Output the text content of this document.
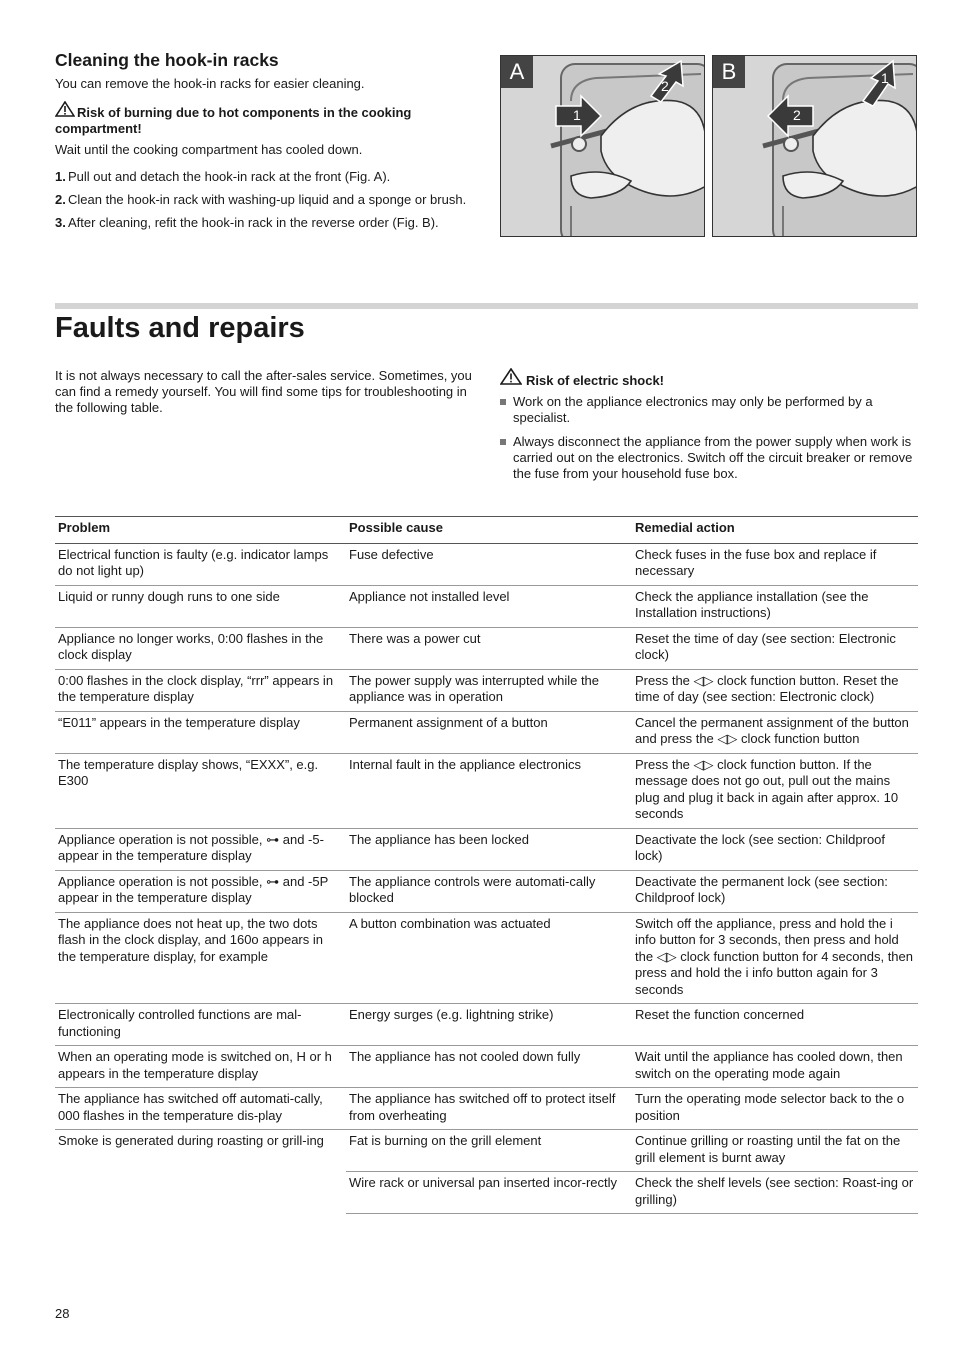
Cleaning the hook-in racks
You can remove the hook-in racks for easier cleaning.
Risk of burning due to hot components in the cooking compartment!
Wait until the cooking compartment has cooled down.
1. Pull out and detach the hook-in rack at the front (Fig. A).
2. Clean the hook-in rack with washing-up liquid and a sponge or brush.
3. After cleaning, refit the hook-in rack in the reverse order (Fig. B).
A
1
2
B
2
1
Faults and repairs
It is not always necessary to call the after-sales service. Sometimes, you can find a remedy yourself. You will find some tips for troubleshooting in the following table.
Risk of electric shock!
Work on the appliance electronics may only be performed by a specialist.
Always disconnect the appliance from the power supply when work is carried out on the electronics. Switch off the circuit breaker or remove the fuse from your household fuse box.
Problem	Possible cause	Remedial action
Electrical function is faulty (e.g. indicator lamps do not light up)	Fuse defective	Check fuses in the fuse box and replace if necessary
Liquid or runny dough runs to one side	Appliance not installed level	Check the appliance installation (see the Installation instructions)
Appliance no longer works, 0:00 flashes in the clock display	There was a power cut	Reset the time of day (see section: Electronic clock)
0:00 flashes in the clock display, “rrr” appears in the temperature display	The power supply was interrupted while the appliance was in operation	Press the ◁▷ clock function button. Reset the time of day (see section: Electronic clock)
“E011” appears in the temperature display	Permanent assignment of a button	Cancel the permanent assignment of the button and press the ◁▷ clock function button
The temperature display shows, “EXXX”, e.g. E300	Internal fault in the appliance electronics	Press the ◁▷ clock function button. If the message does not go out, pull out the mains plug and plug it back in again after approx. 10 seconds
Appliance operation is not possible, ⊶ and -5- appear in the temperature display	The appliance has been locked	Deactivate the lock (see section: Childproof lock)
Appliance operation is not possible, ⊶ and -5P appear in the temperature display	The appliance controls were automati-cally blocked	Deactivate the permanent lock (see section: Childproof lock)
The appliance does not heat up, the two dots flash in the clock display, and 160o appears in the temperature display, for example	A button combination was actuated	Switch off the appliance, press and hold the i info button for 3 seconds, then press and hold the ◁▷ clock function button for 4 seconds, then press and hold the i info button again for 3 seconds
Electronically controlled functions are mal-functioning	Energy surges (e.g. lightning strike)	Reset the function concerned
When an operating mode is switched on, H or h appears in the temperature display	The appliance has not cooled down fully	Wait until the appliance has cooled down, then switch on the operating mode again
The appliance has switched off automati-cally, 000 flashes in the temperature dis-play	The appliance has switched off to protect itself from overheating	Turn the operating mode selector back to the o position
Smoke is generated during roasting or grill-ing	Fat is burning on the grill element	Continue grilling or roasting until the fat on the grill element is burnt away
	Wire rack or universal pan inserted incor-rectly	Check the shelf levels (see section: Roast-ing or grilling)
28
